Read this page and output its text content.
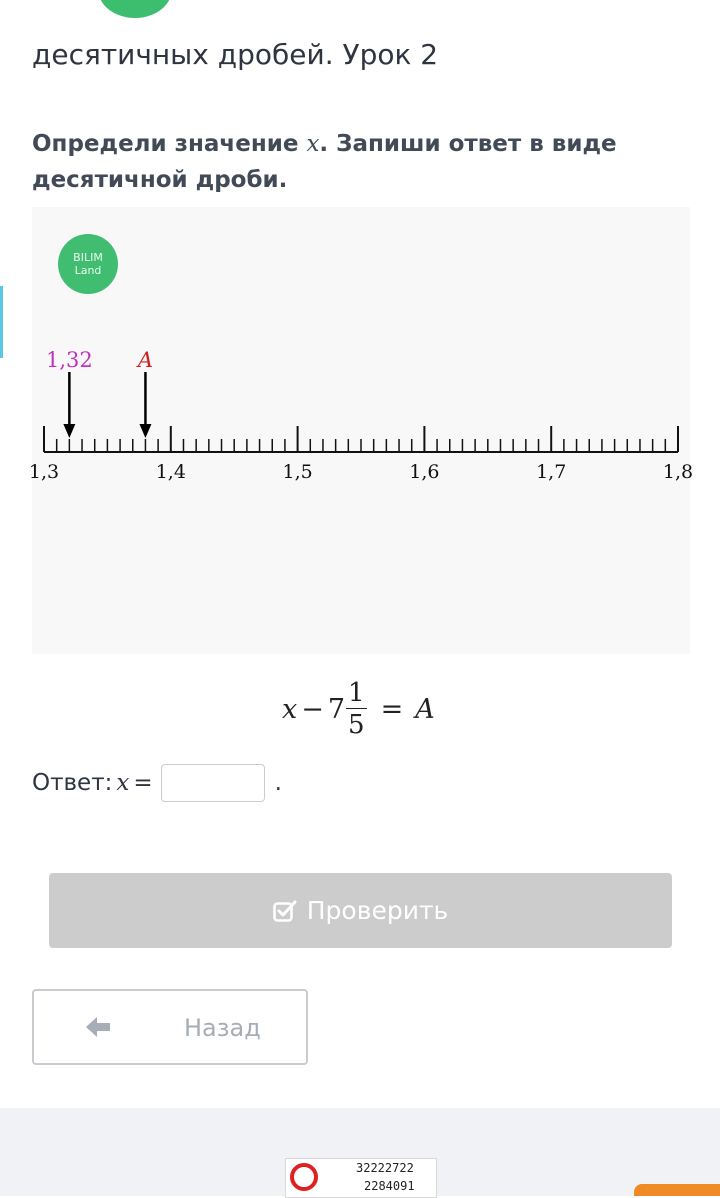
десятичных дробей. Урок 2
Определи значение x. Запиши ответ в виде десятичной дроби.
BILIM
Land
1,3	1,4	1,5	1,6	1,7	1,8
1,32 A
$x - 7 \frac{1}{5} = A$
Ответ: x =	.
Проверить
Назад
32222722
2284091
